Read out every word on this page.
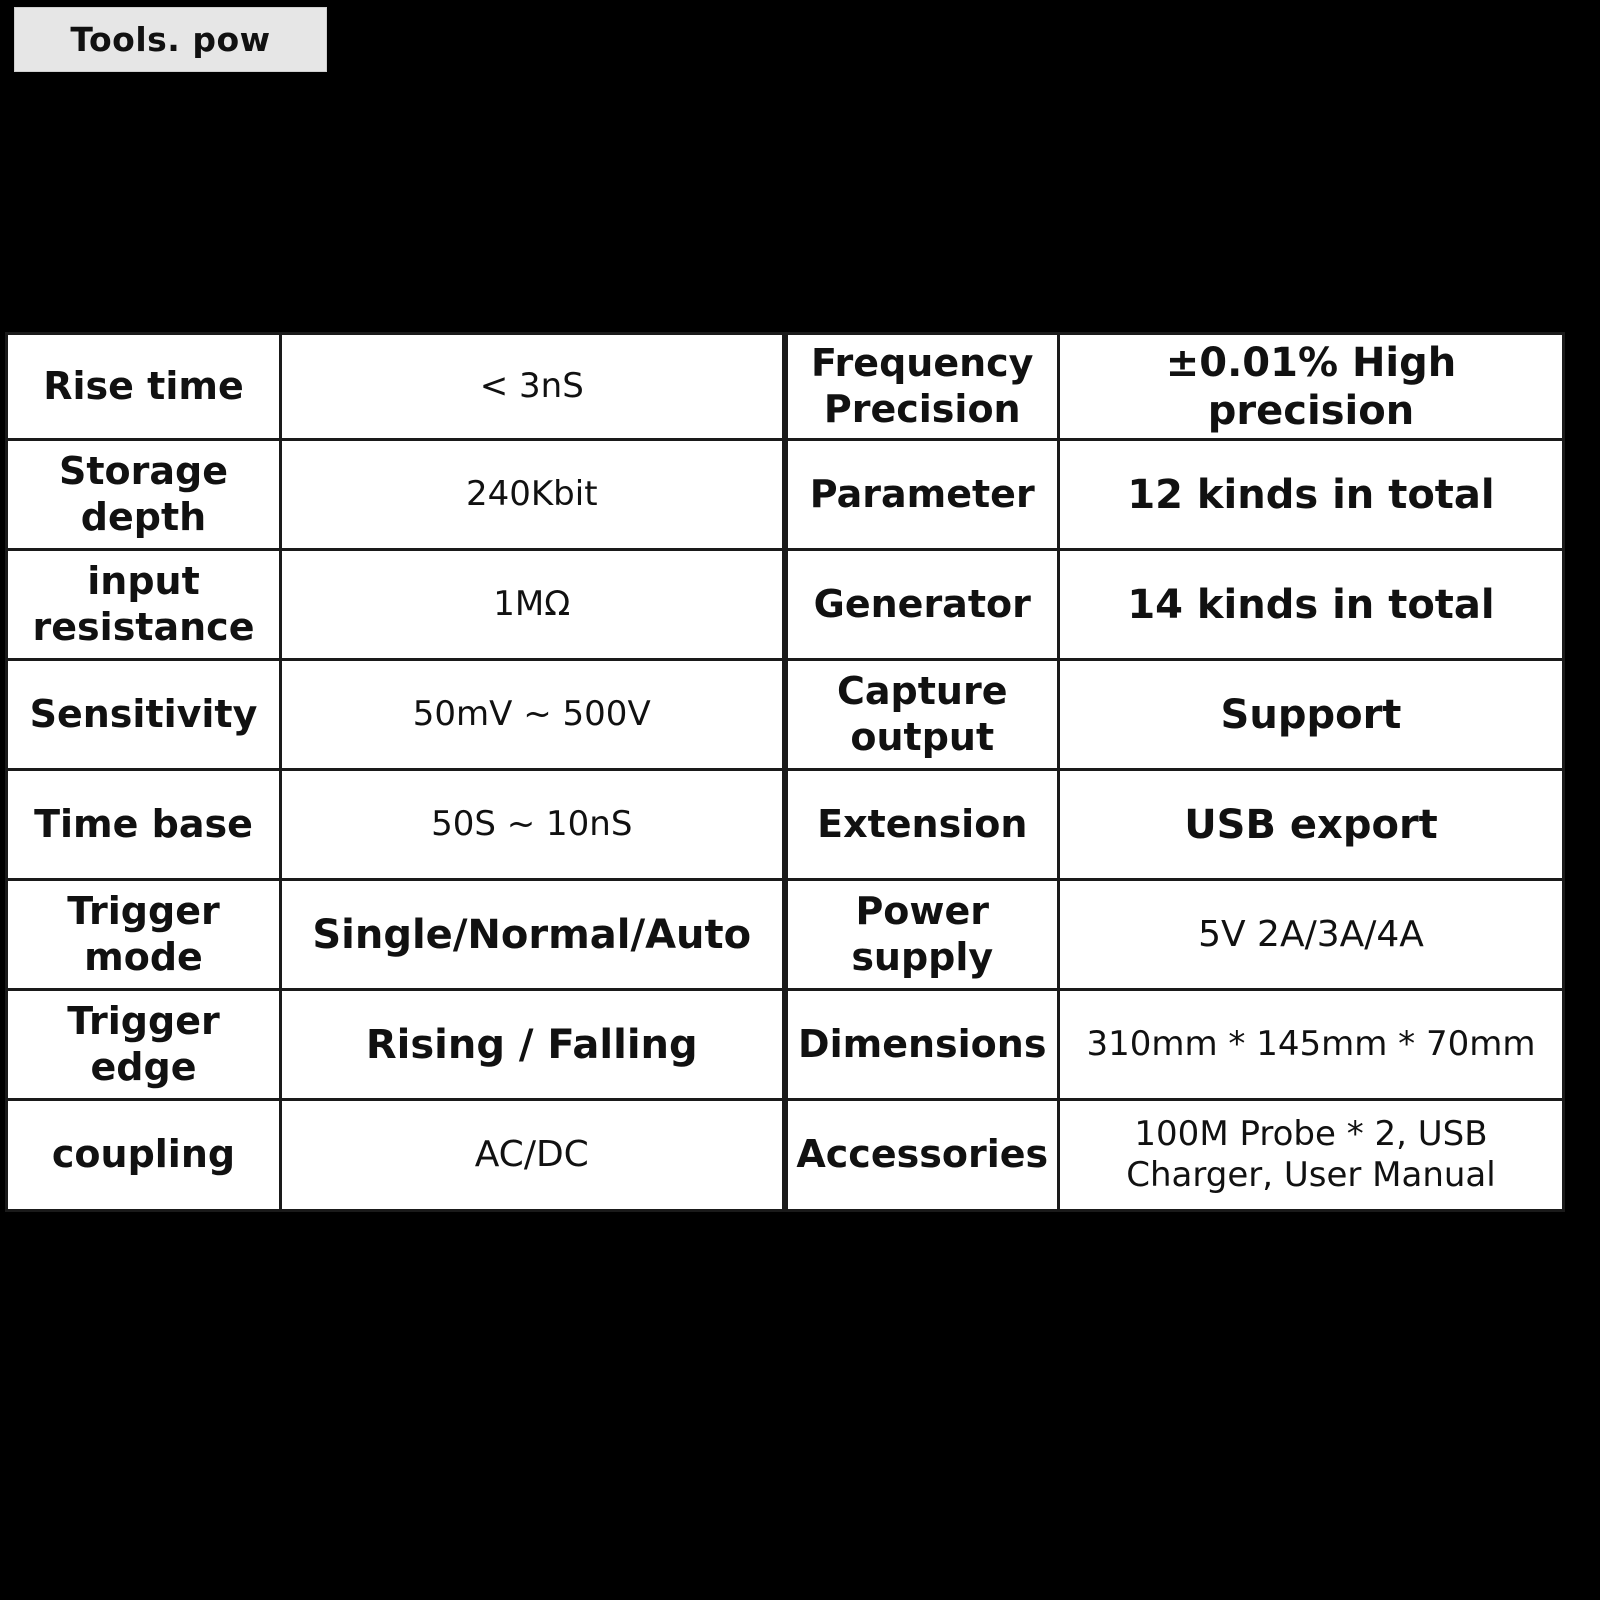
Tools. pow
Rise time	< 3nS	Frequency Precision	±0.01% High precision
Storage depth	240Kbit	Parameter	12 kinds in total
input resistance	1MΩ	Generator	14 kinds in total
Sensitivity	50mV ~ 500V	Capture output	Support
Time base	50S ~ 10nS	Extension	USB export
Trigger mode	Single/Normal/Auto	Power supply	5V 2A/3A/4A
Trigger edge	Rising / Falling	Dimensions	310mm * 145mm * 70mm
coupling	AC/DC	Accessories	100M Probe * 2, USB Charger, User Manual
